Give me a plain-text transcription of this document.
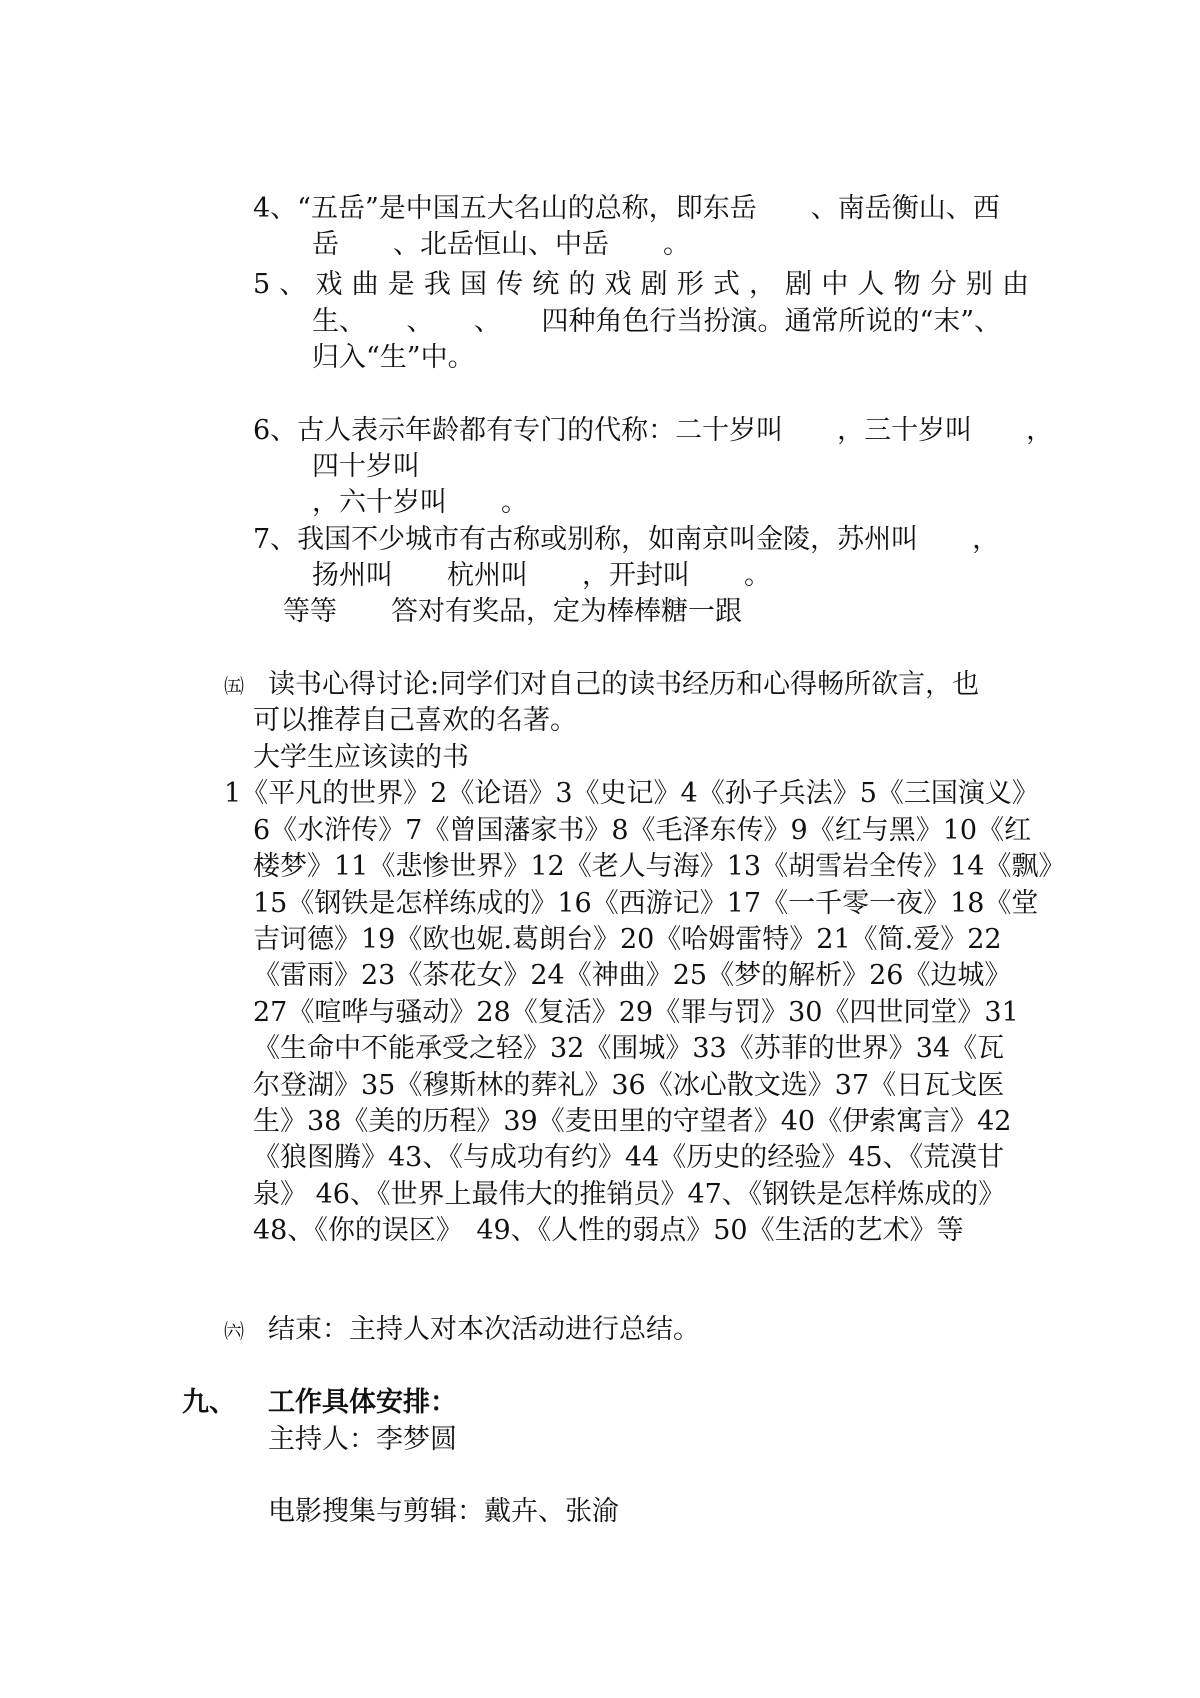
4、“五岳”是中国五大名山的总称，即东岳　　、南岳衡山、西
岳　　、北岳恒山、中岳　　。
5、戏曲是我国传统的戏剧形式，剧中人物分别由
生、　　、　　、　　四种角色行当扮演。通常所说的“末”、
归入“生”中。
6、古人表示年龄都有专门的代称：二十岁叫　　，三十岁叫　　，
四十岁叫
，六十岁叫　　。
7、我国不少城市有古称或别称，如南京叫金陵，苏州叫　　，
扬州叫　　杭州叫　　，开封叫　　。
等等　　答对有奖品，定为棒棒糖一跟
㈤ 读书心得讨论:同学们对自己的读书经历和心得畅所欲言，也
可以推荐自己喜欢的名著。
大学生应该读的书
1《平凡的世界》2《论语》3《史记》4《孙子兵法》5《三国演义》
6《水浒传》7《曾国藩家书》8《毛泽东传》9《红与黑》10《红
楼梦》11《悲惨世界》12《老人与海》13《胡雪岩全传》14《飘》
15《钢铁是怎样练成的》16《西游记》17《一千零一夜》18《堂
吉诃德》19《欧也妮.葛朗台》20《哈姆雷特》21《简.爱》22
《雷雨》23《茶花女》24《神曲》25《梦的解析》26《边城》
27《喧哗与骚动》28《复活》29《罪与罚》30《四世同堂》31
《生命中不能承受之轻》32《围城》33《苏菲的世界》34《瓦
尔登湖》35《穆斯林的葬礼》36《冰心散文选》37《日瓦戈医
生》38《美的历程》39《麦田里的守望者》40《伊索寓言》42
《狼图腾》43、《与成功有约》44《历史的经验》45、《荒漠甘
泉》 46、《世界上最伟大的推销员》47、《钢铁是怎样炼成的》
48、《你的误区》　49、《人性的弱点》50《生活的艺术》等
㈥ 结束：主持人对本次活动进行总结。
九、 工作具体安排：
主持人：李梦圆
电影搜集与剪辑：戴卉、张渝
